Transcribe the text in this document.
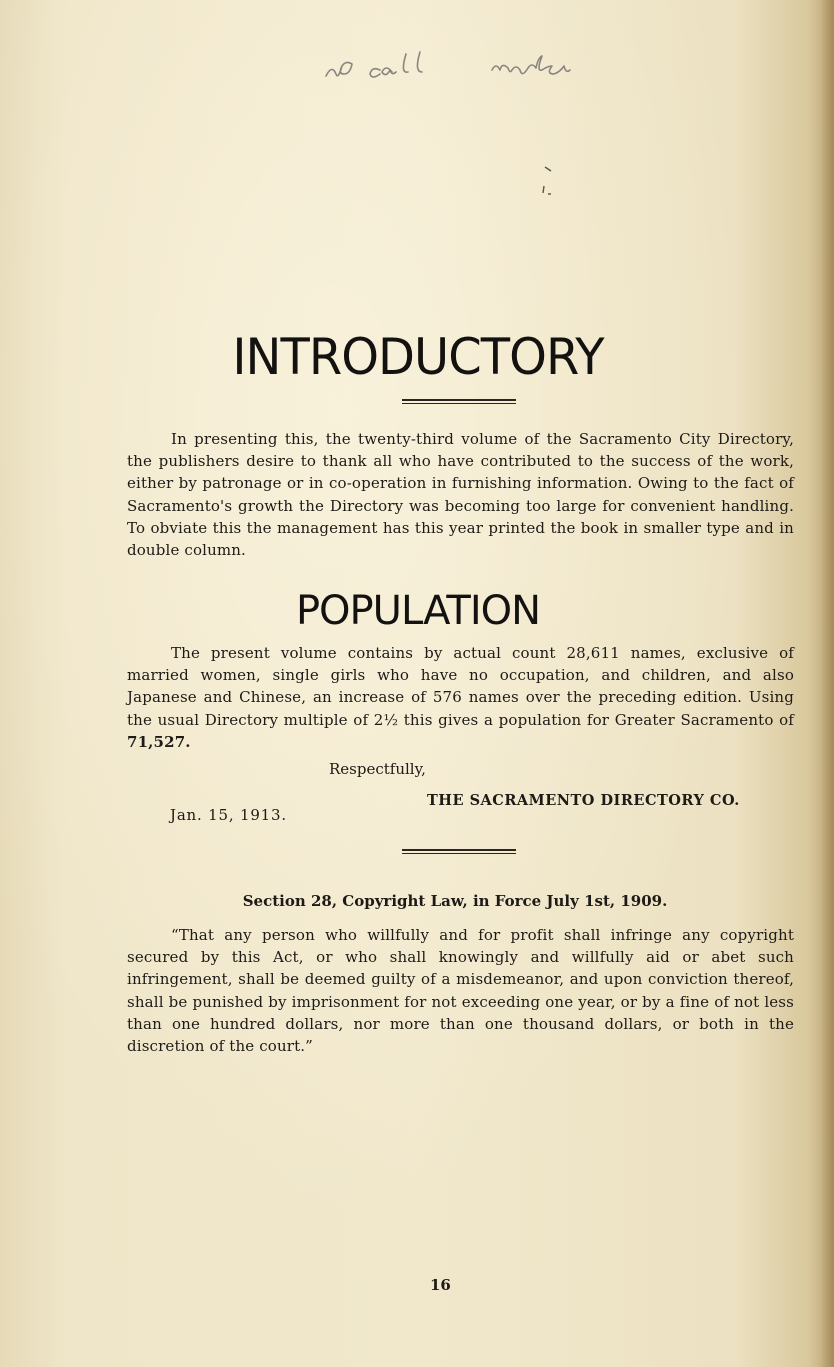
INTRODUCTORY

In presenting this, the twenty-third volume of the Sacramento City Directory, the publishers desire to thank all who have contributed to the success of the work, either by patronage or in co-operation in furnishing information. Owing to the fact of Sacramento's growth the Directory was becoming too large for convenient handling. To obviate this the management has this year printed the book in smaller type and in double column.

POPULATION

The present volume contains by actual count 28,611 names, exclusive of married women, single girls who have no occupation, and children, and also Japanese and Chinese, an increase of 576 names over the preceding edition. Using the usual Directory multiple of 2½ this gives a population for Greater Sacramento of 71,527.

Respectfully,

THE SACRAMENTO DIRECTORY CO.

Jan. 15, 1913.

Section 28, Copyright Law, in Force July 1st, 1909.

“That any person who willfully and for profit shall infringe any copyright secured by this Act, or who shall knowingly and willfully aid or abet such infringement, shall be deemed guilty of a misdemeanor, and upon conviction thereof, shall be punished by imprisonment for not exceeding one year, or by a fine of not less than one hundred dollars, nor more than one thousand dollars, or both in the discretion of the court.”

16
